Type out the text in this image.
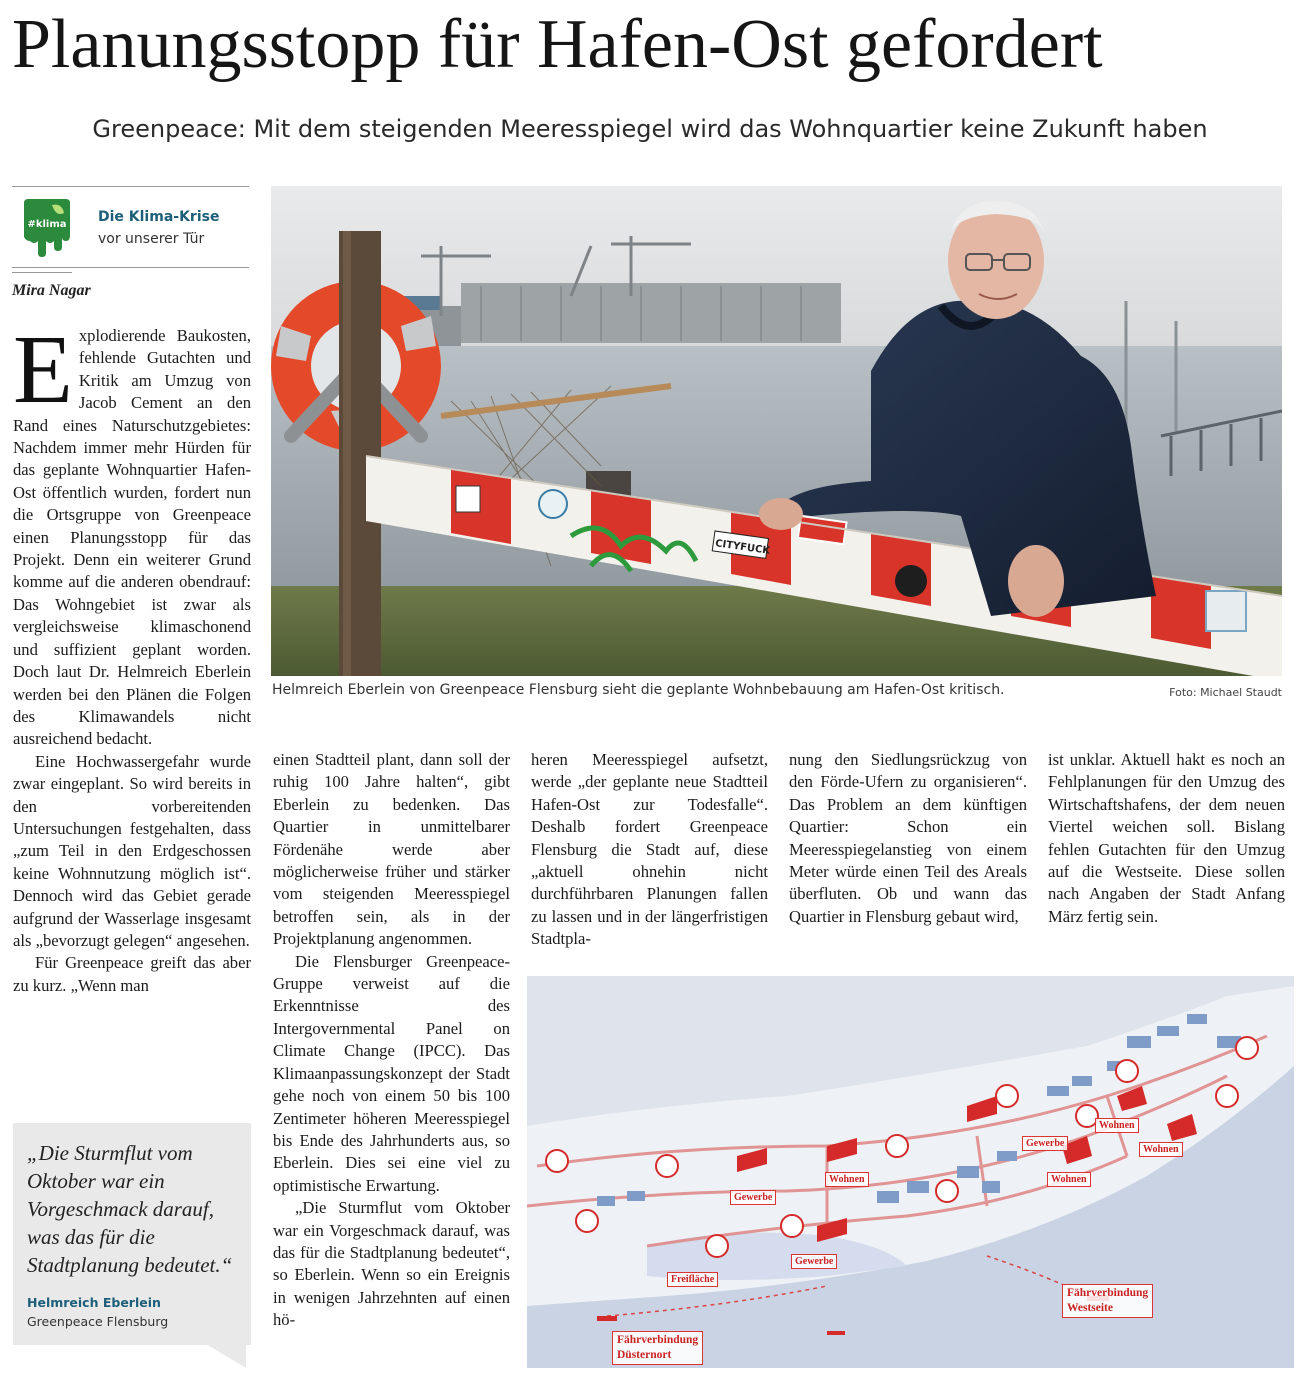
Planungsstopp für Hafen-Ost gefordert
Greenpeace: Mit dem steigenden Meeresspiegel wird das Wohnquartier keine Zukunft haben
#klima Die Klima-Krise
vor unserer Tür
Mira Nagar

Explodierende Baukosten, fehlende Gutachten und Kritik am Umzug von Jacob Cement an den Rand eines Naturschutzgebietes: Nachdem immer mehr Hürden für das geplante Wohnquartier Hafen-Ost öffentlich wurden, fordert nun die Ortsgruppe von Greenpeace einen Planungsstopp für das Projekt. Denn ein weiterer Grund komme auf die anderen obendrauf: Das Wohngebiet ist zwar als vergleichsweise klimaschonend und suffizient geplant worden. Doch laut Dr. Helmreich Eberlein werden bei den Plänen die Folgen des Klimawandels nicht ausreichend bedacht.

Eine Hochwassergefahr wurde zwar eingeplant. So wird bereits in den vorbereitenden Untersuchungen festgehalten, dass „zum Teil in den Erdgeschossen keine Wohnnutzung möglich ist“. Dennoch wird das Gebiet gerade aufgrund der Wasserlage insgesamt als „bevorzugt gelegen“ angesehen.

Für Greenpeace greift das aber zu kurz. „Wenn man

„Die Sturmflut vom Oktober war ein Vorgeschmack darauf, was das für die Stadtplanung bedeutet.“
Helmreich Eberlein
Greenpeace Flensburg
CITYFUCK
Helmreich Eberlein von Greenpeace Flensburg sieht die geplante Wohnbebauung am Hafen-Ost kritisch.	Foto: Michael Staudt

einen Stadtteil plant, dann soll der ruhig 100 Jahre halten“, gibt Eberlein zu bedenken. Das Quartier in unmittelbarer Fördenähe werde aber möglicherweise früher und stärker vom steigenden Meeresspiegel betroffen sein, als in der Projektplanung angenommen.

Die Flensburger Greenpeace-Gruppe verweist auf die Erkenntnisse des Intergovernmental Panel on Climate Change (IPCC). Das Klimaanpassungskonzept der Stadt gehe noch von einem 50 bis 100 Zentimeter höheren Meeresspiegel bis Ende des Jahrhunderts aus, so Eberlein. Dies sei eine viel zu optimistische Erwartung.

„Die Sturmflut vom Oktober war ein Vorgeschmack darauf, was das für die Stadtplanung bedeutet“, so Eberlein. Wenn so ein Ereignis in wenigen Jahrzehnten auf einen hö-

heren Meeresspiegel aufsetzt, werde „der geplante neue Stadtteil Hafen-Ost zur Todesfalle“. Deshalb fordert Greenpeace Flensburg die Stadt auf, diese „aktuell ohnehin nicht durchführbaren Planungen fallen zu lassen und in der längerfristigen Stadtpla-

nung den Siedlungsrückzug von den Förde-Ufern zu organisieren“. Das Problem an dem künftigen Quartier: Schon ein Meeresspiegelanstieg von einem Meter würde einen Teil des Areals überfluten. Ob und wann das Quartier in Flensburg gebaut wird,

ist unklar. Aktuell hakt es noch an Fehlplanungen für den Umzug des Wirtschaftshafens, der dem neuen Viertel weichen soll. Bislang fehlen Gutachten für den Umzug auf die Westseite. Diese sollen nach Angaben der Stadt Anfang März fertig sein.

Gewerbe
Wohnen
Gewerbe
Wohnen
Wohnen
Wohnen
Gewerbe
Freifläche
Fährverbindung
Westseite
Fährverbindung
Düsternort
